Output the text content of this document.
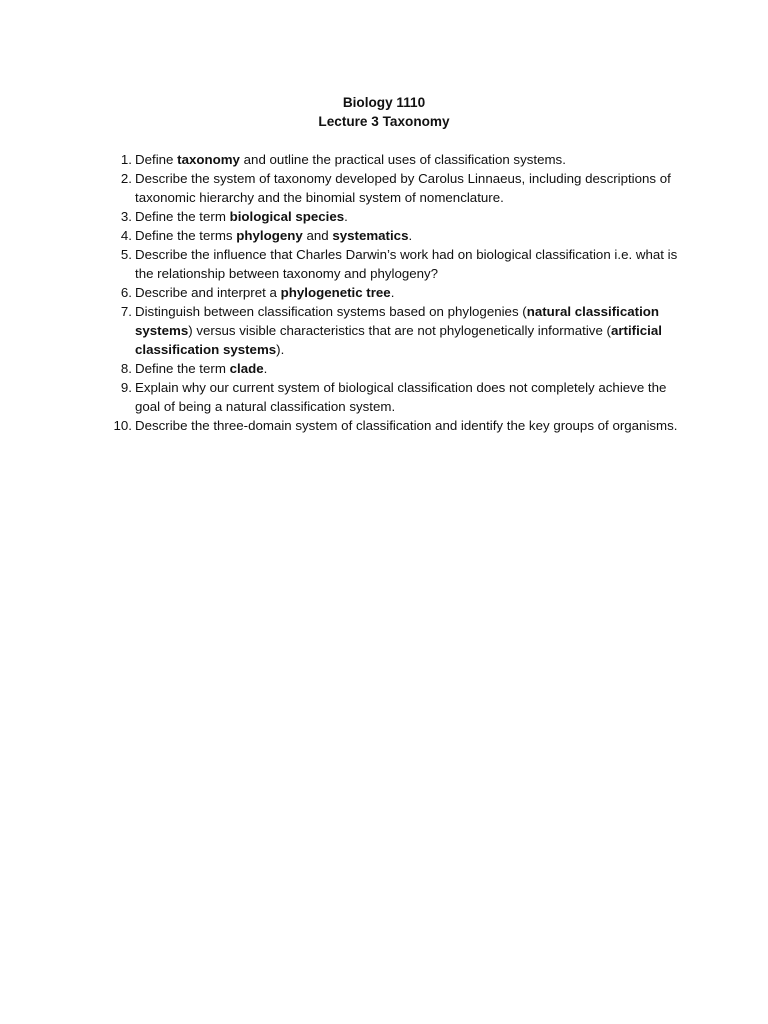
Biology 1110
Lecture 3 Taxonomy
1. Define taxonomy and outline the practical uses of classification systems.
2. Describe the system of taxonomy developed by Carolus Linnaeus, including descriptions of taxonomic hierarchy and the binomial system of nomenclature.
3. Define the term biological species.
4. Define the terms phylogeny and systematics.
5. Describe the influence that Charles Darwin’s work had on biological classification i.e. what is the relationship between taxonomy and phylogeny?
6. Describe and interpret a phylogenetic tree.
7. Distinguish between classification systems based on phylogenies (natural classification systems) versus visible characteristics that are not phylogenetically informative (artificial classification systems).
8. Define the term clade.
9. Explain why our current system of biological classification does not completely achieve the goal of being a natural classification system.
10. Describe the three-domain system of classification and identify the key groups of organisms.
